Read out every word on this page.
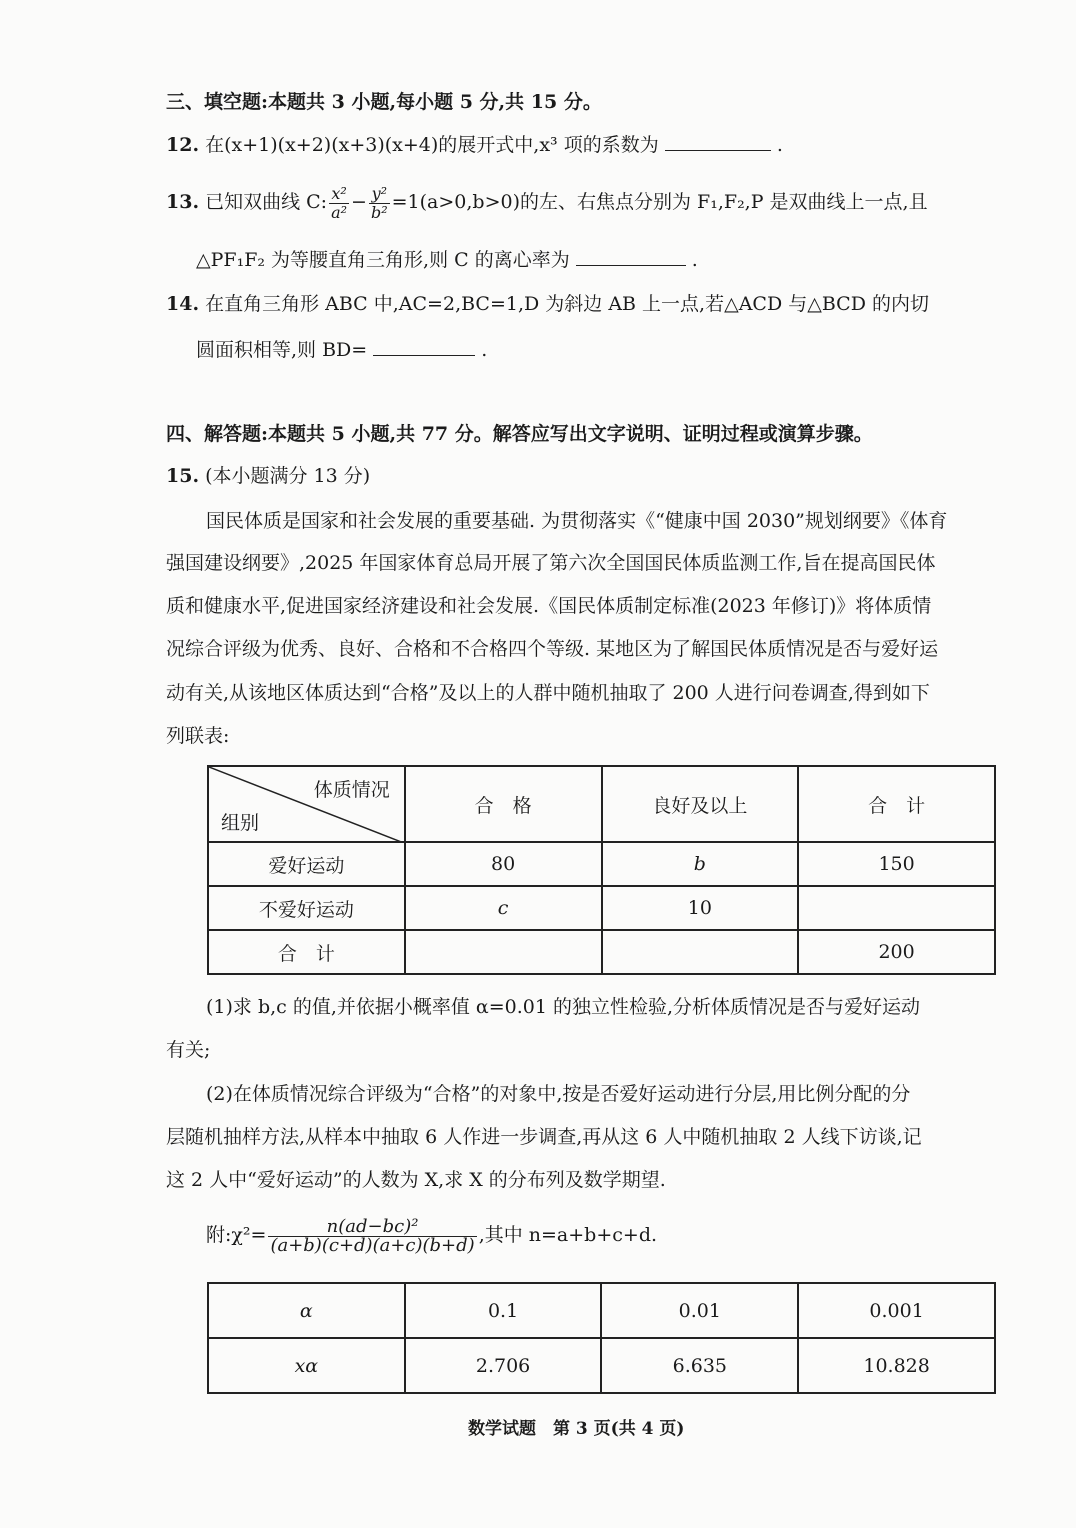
三、填空题:本题共 3 小题,每小题 5 分,共 15 分。
12. 在(x+1)(x+2)(x+3)(x+4)的展开式中,x³ 项的系数为	.
13. 已知双曲线 C: $\frac{\text{x²}}{\text{a²}} - \frac{\text{y²}}{\text{b²}} =1(a>0,b>0)$的左、右焦点分别为 F₁,F₂,P 是双曲线上一点,且
△PF₁F₂ 为等腰直角三角形,则 C 的离心率为	.
14. 在直角三角形 ABC 中,AC=2,BC=1,D 为斜边 AB 上一点,若△ACD 与△BCD 的内切
圆面积相等,则 BD=	.
四、解答题:本题共 5 小题,共 77 分。解答应写出文字说明、证明过程或演算步骤。
15. (本小题满分 13 分)
国民体质是国家和社会发展的重要基础. 为贯彻落实《“健康中国 2030”规划纲要》《体育
强国建设纲要》,2025 年国家体育总局开展了第六次全国国民体质监测工作,旨在提高国民体
质和健康水平,促进国家经济建设和社会发展.《国民体质制定标准(2023 年修订)》将体质情
况综合评级为优秀、良好、合格和不合格四个等级. 某地区为了解国民体质情况是否与爱好运
动有关,从该地区体质达到“合格”及以上的人群中随机抽取了 200 人进行问卷调查,得到如下
列联表:
体质情况
组别	合　格	良好及以上	合　计
爱好运动	80	b	150
不爱好运动	c	10	
合　计			200
(1)求 b,c 的值,并依据小概率值 α=0.01 的独立性检验,分析体质情况是否与爱好运动
有关;
(2)在体质情况综合评级为“合格”的对象中,按是否爱好运动进行分层,用比例分配的分
层随机抽样方法,从样本中抽取 6 人作进一步调查,再从这 6 人中随机抽取 2 人线下访谈,记
这 2 人中“爱好运动”的人数为 X,求 X 的分布列及数学期望.
附:χ²= $\frac{\text{n(ad−bc)²}}{(a+b)(c+d)(a+c)(b+d)}$ ,其中 n=a+b+c+d.
α	0.1	0.01	0.001
xα	2.706	6.635	10.828
数学试题　第 3 页(共 4 页)
